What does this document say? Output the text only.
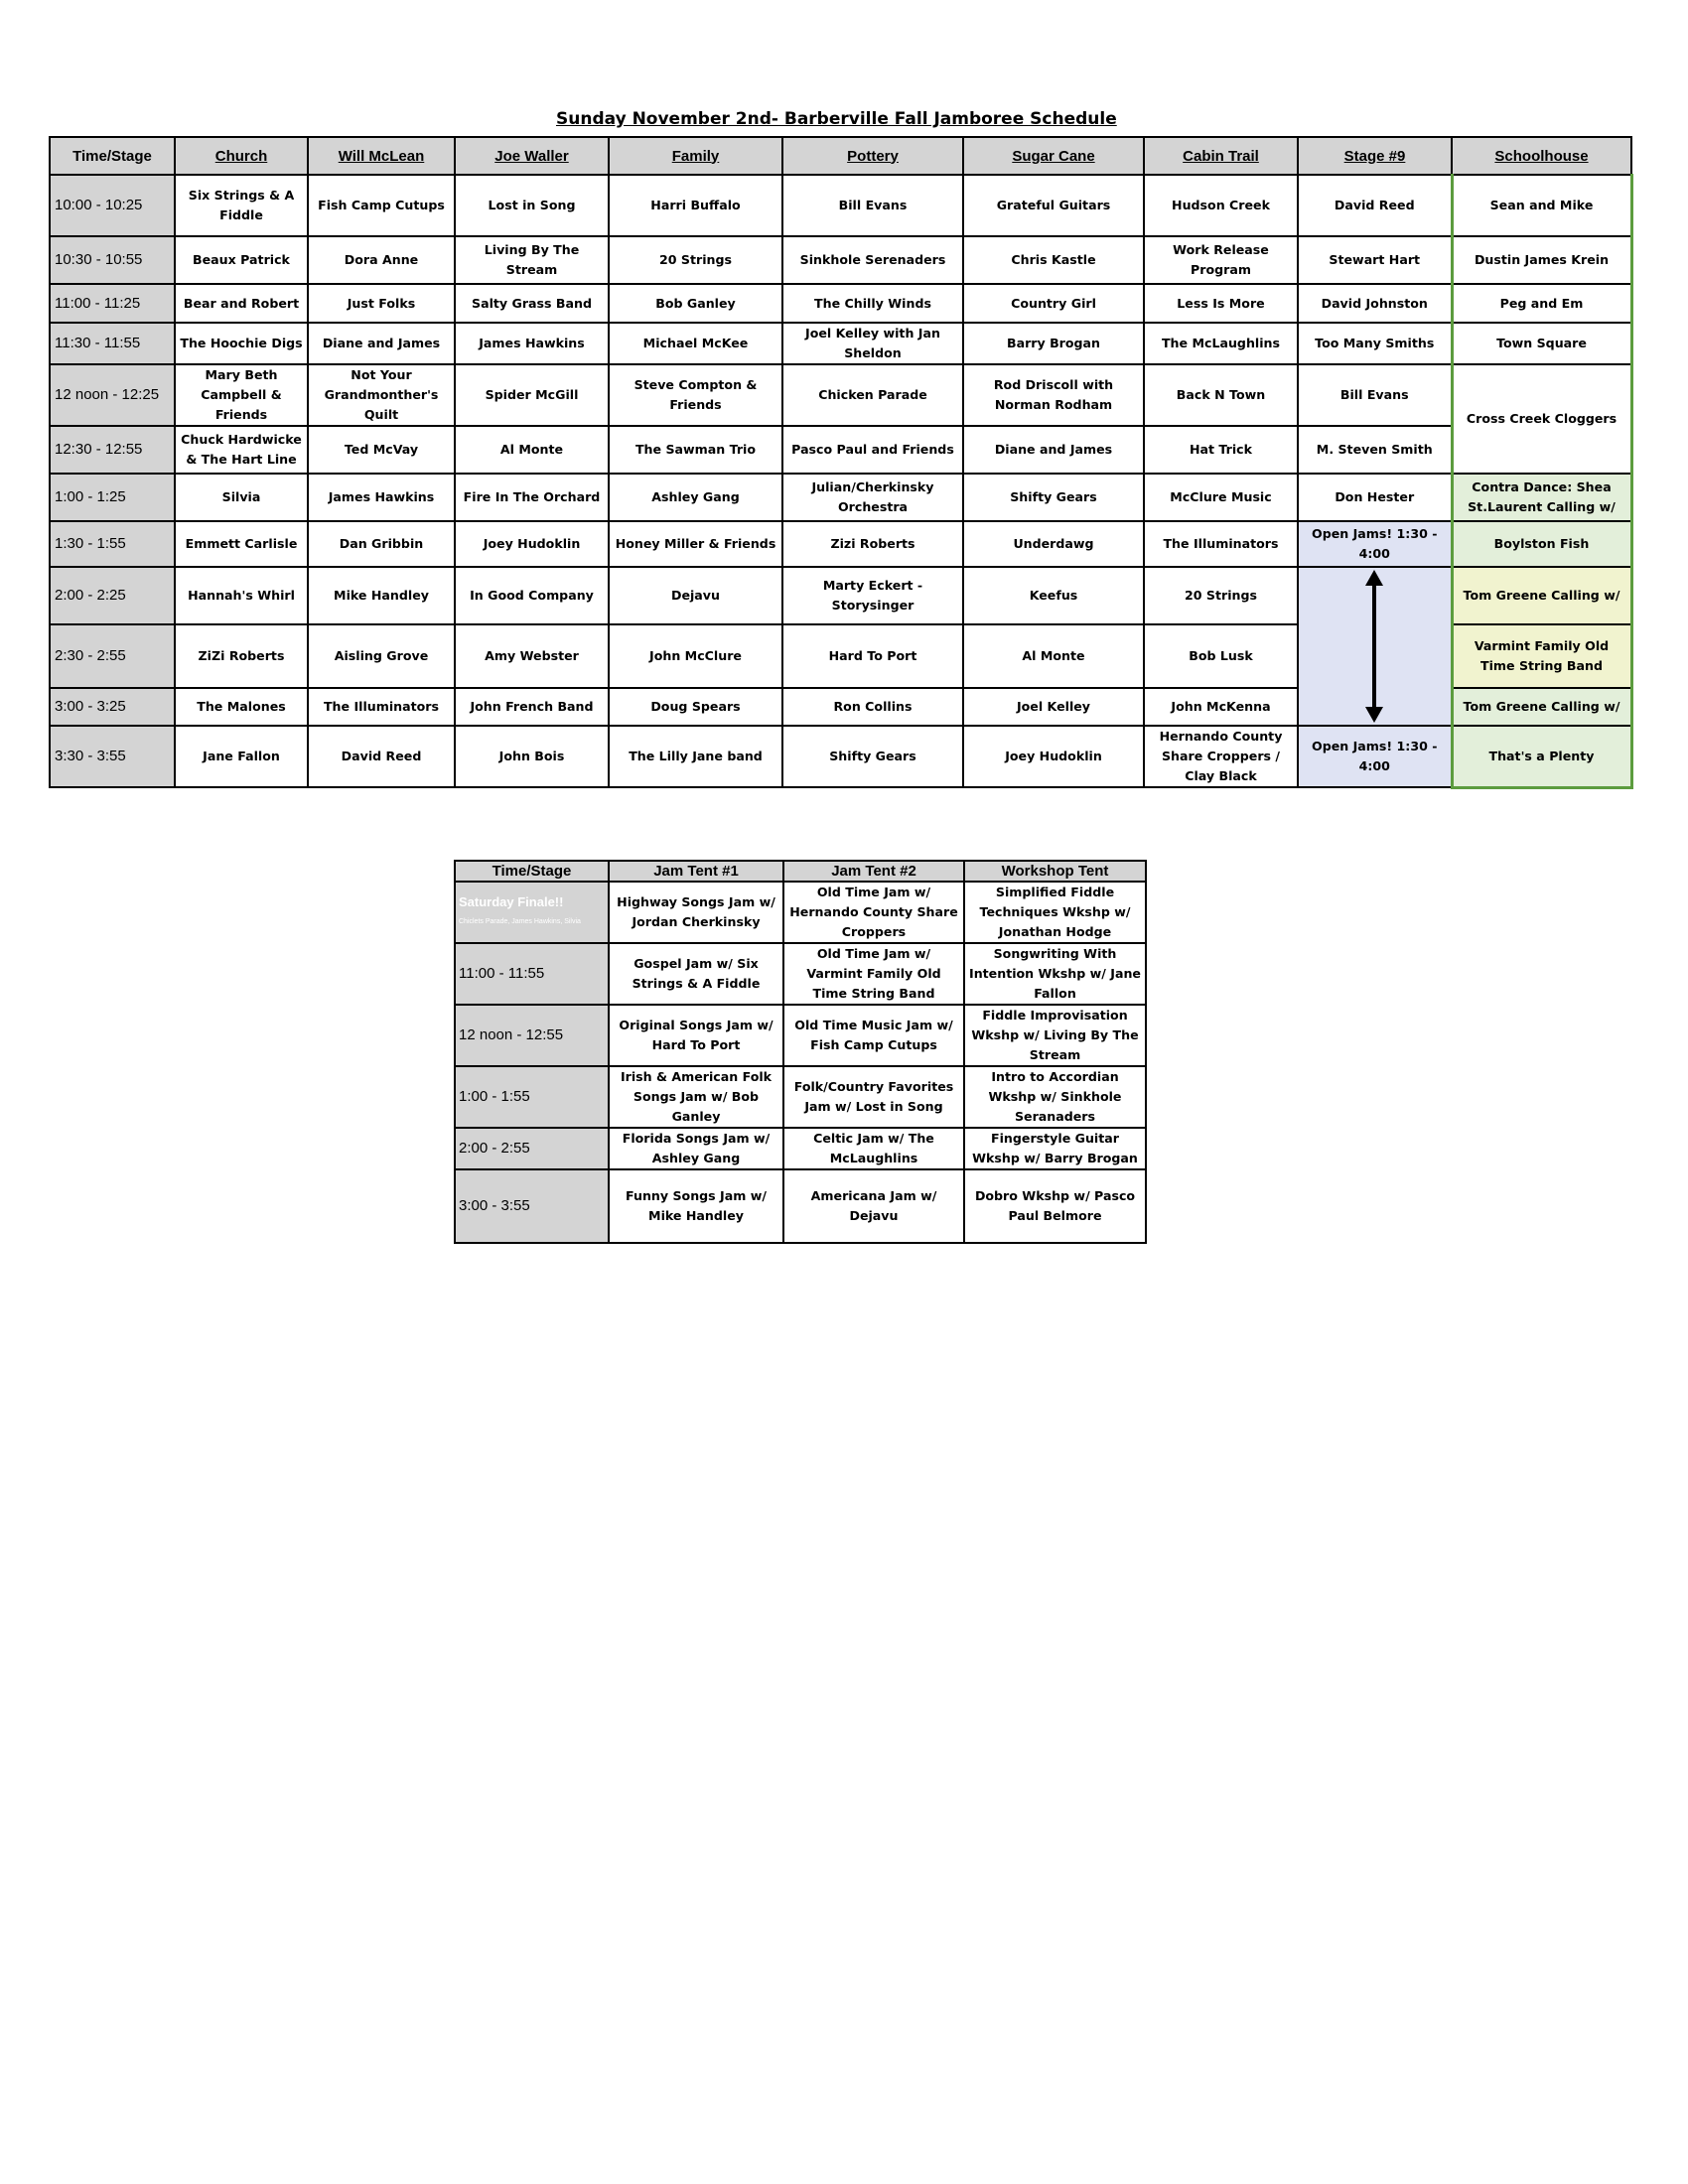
Sunday November 2nd- Barberville Fall Jamboree Schedule
Time/Stage	Church	Will McLean	Joe Waller	Family	Pottery	Sugar Cane	Cabin Trail	Stage #9	Schoolhouse
10:00 - 10:25	Six Strings & A Fiddle	Fish Camp Cutups	Lost in Song	Harri Buffalo	Bill Evans	Grateful Guitars	Hudson Creek	David Reed	Sean and Mike
10:30 - 10:55	Beaux Patrick	Dora Anne	Living By The Stream	20 Strings	Sinkhole Serenaders	Chris Kastle	Work Release Program	Stewart Hart	Dustin James Krein
11:00 - 11:25	Bear and Robert	Just Folks	Salty Grass Band	Bob Ganley	The Chilly Winds	Country Girl	Less Is More	David Johnston	Peg and Em
11:30 - 11:55	The Hoochie Digs	Diane and James	James Hawkins	Michael McKee	Joel Kelley with Jan Sheldon	Barry Brogan	The McLaughlins	Too Many Smiths	Town Square
12 noon - 12:25	Mary Beth Campbell & Friends	Not Your Grandmonther's Quilt	Spider McGill	Steve Compton & Friends	Chicken Parade	Rod Driscoll with Norman Rodham	Back N Town	Bill Evans	Cross Creek Cloggers
12:30 - 12:55	Chuck Hardwicke & The Hart Line	Ted McVay	Al Monte	The Sawman Trio	Pasco Paul and Friends	Diane and James	Hat Trick	M. Steven Smith	
1:00 - 1:25	Silvia	James Hawkins	Fire In The Orchard	Ashley Gang	Julian/Cherkinsky Orchestra	Shifty Gears	McClure Music	Don Hester	Contra Dance: Shea St.Laurent Calling w/
1:30 - 1:55	Emmett Carlisle	Dan Gribbin	Joey Hudoklin	Honey Miller & Friends	Zizi Roberts	Underdawg	The Illuminators	Open Jams! 1:30 - 4:00	Boylston Fish
2:00 - 2:25	Hannah's Whirl	Mike Handley	In Good Company	Dejavu	Marty Eckert - Storysinger	Keefus	20 Strings		Tom Greene Calling w/
2:30 - 2:55	ZiZi Roberts	Aisling Grove	Amy Webster	John McClure	Hard To Port	Al Monte	Bob Lusk		Varmint Family Old Time String Band
3:00 - 3:25	The Malones	The Illuminators	John French Band	Doug Spears	Ron Collins	Joel Kelley	John McKenna		Tom Greene Calling w/
3:30 - 3:55	Jane Fallon	David Reed	John Bois	The Lilly Jane band	Shifty Gears	Joey Hudoklin	Hernando County Share Croppers / Clay Black	Open Jams! 1:30 - 4:00	That's a Plenty
Time/Stage	Jam Tent #1	Jam Tent #2	Workshop Tent

Saturday Finale!!
Chiclets Parade, James Hawkins, Silvia	Highway Songs Jam w/ Jordan Cherkinsky	Old Time Jam w/ Hernando County Share Croppers	Simplified Fiddle Techniques Wkshp w/ Jonathan Hodge
11:00 - 11:55	Gospel Jam w/ Six Strings & A Fiddle	Old Time Jam w/ Varmint Family Old Time String Band	Songwriting With Intention Wkshp w/ Jane Fallon
12 noon - 12:55	Original Songs Jam w/ Hard To Port	Old Time Music Jam w/ Fish Camp Cutups	Fiddle Improvisation Wkshp w/ Living By The Stream
1:00 - 1:55	Irish & American Folk Songs Jam w/ Bob Ganley	Folk/Country Favorites Jam w/ Lost in Song	Intro to Accordian Wkshp w/ Sinkhole Seranaders
2:00 - 2:55	Florida Songs Jam w/ Ashley Gang	Celtic Jam w/ The McLaughlins	Fingerstyle Guitar Wkshp w/ Barry Brogan
3:00 - 3:55	Funny Songs Jam w/ Mike Handley	Americana Jam w/ Dejavu	Dobro Wkshp w/ Pasco Paul Belmore
